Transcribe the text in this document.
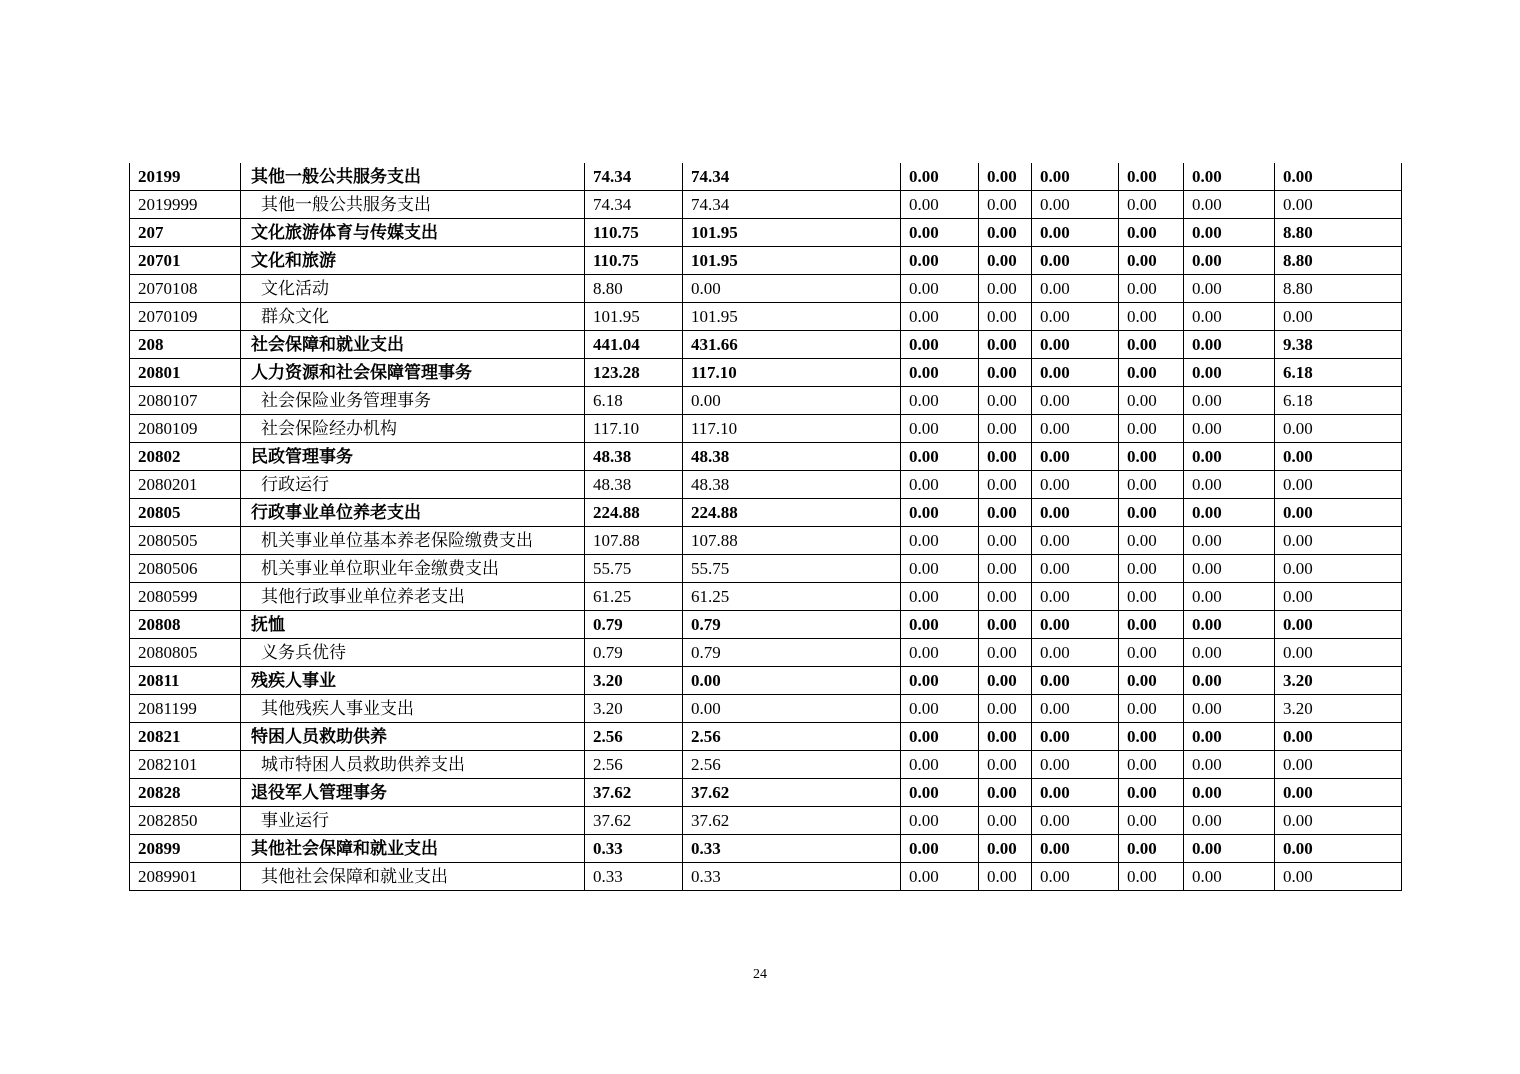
20199	其他一般公共服务支出	74.34	74.34	0.00	0.00	0.00	0.00	0.00	0.00
2019999	其他一般公共服务支出	74.34	74.34	0.00	0.00	0.00	0.00	0.00	0.00
207	文化旅游体育与传媒支出	110.75	101.95	0.00	0.00	0.00	0.00	0.00	8.80
20701	文化和旅游	110.75	101.95	0.00	0.00	0.00	0.00	0.00	8.80
2070108	文化活动	8.80	0.00	0.00	0.00	0.00	0.00	0.00	8.80
2070109	群众文化	101.95	101.95	0.00	0.00	0.00	0.00	0.00	0.00
208	社会保障和就业支出	441.04	431.66	0.00	0.00	0.00	0.00	0.00	9.38
20801	人力资源和社会保障管理事务	123.28	117.10	0.00	0.00	0.00	0.00	0.00	6.18
2080107	社会保险业务管理事务	6.18	0.00	0.00	0.00	0.00	0.00	0.00	6.18
2080109	社会保险经办机构	117.10	117.10	0.00	0.00	0.00	0.00	0.00	0.00
20802	民政管理事务	48.38	48.38	0.00	0.00	0.00	0.00	0.00	0.00
2080201	行政运行	48.38	48.38	0.00	0.00	0.00	0.00	0.00	0.00
20805	行政事业单位养老支出	224.88	224.88	0.00	0.00	0.00	0.00	0.00	0.00
2080505	机关事业单位基本养老保险缴费支出	107.88	107.88	0.00	0.00	0.00	0.00	0.00	0.00
2080506	机关事业单位职业年金缴费支出	55.75	55.75	0.00	0.00	0.00	0.00	0.00	0.00
2080599	其他行政事业单位养老支出	61.25	61.25	0.00	0.00	0.00	0.00	0.00	0.00
20808	抚恤	0.79	0.79	0.00	0.00	0.00	0.00	0.00	0.00
2080805	义务兵优待	0.79	0.79	0.00	0.00	0.00	0.00	0.00	0.00
20811	残疾人事业	3.20	0.00	0.00	0.00	0.00	0.00	0.00	3.20
2081199	其他残疾人事业支出	3.20	0.00	0.00	0.00	0.00	0.00	0.00	3.20
20821	特困人员救助供养	2.56	2.56	0.00	0.00	0.00	0.00	0.00	0.00
2082101	城市特困人员救助供养支出	2.56	2.56	0.00	0.00	0.00	0.00	0.00	0.00
20828	退役军人管理事务	37.62	37.62	0.00	0.00	0.00	0.00	0.00	0.00
2082850	事业运行	37.62	37.62	0.00	0.00	0.00	0.00	0.00	0.00
20899	其他社会保障和就业支出	0.33	0.33	0.00	0.00	0.00	0.00	0.00	0.00
2089901	其他社会保障和就业支出	0.33	0.33	0.00	0.00	0.00	0.00	0.00	0.00
24
